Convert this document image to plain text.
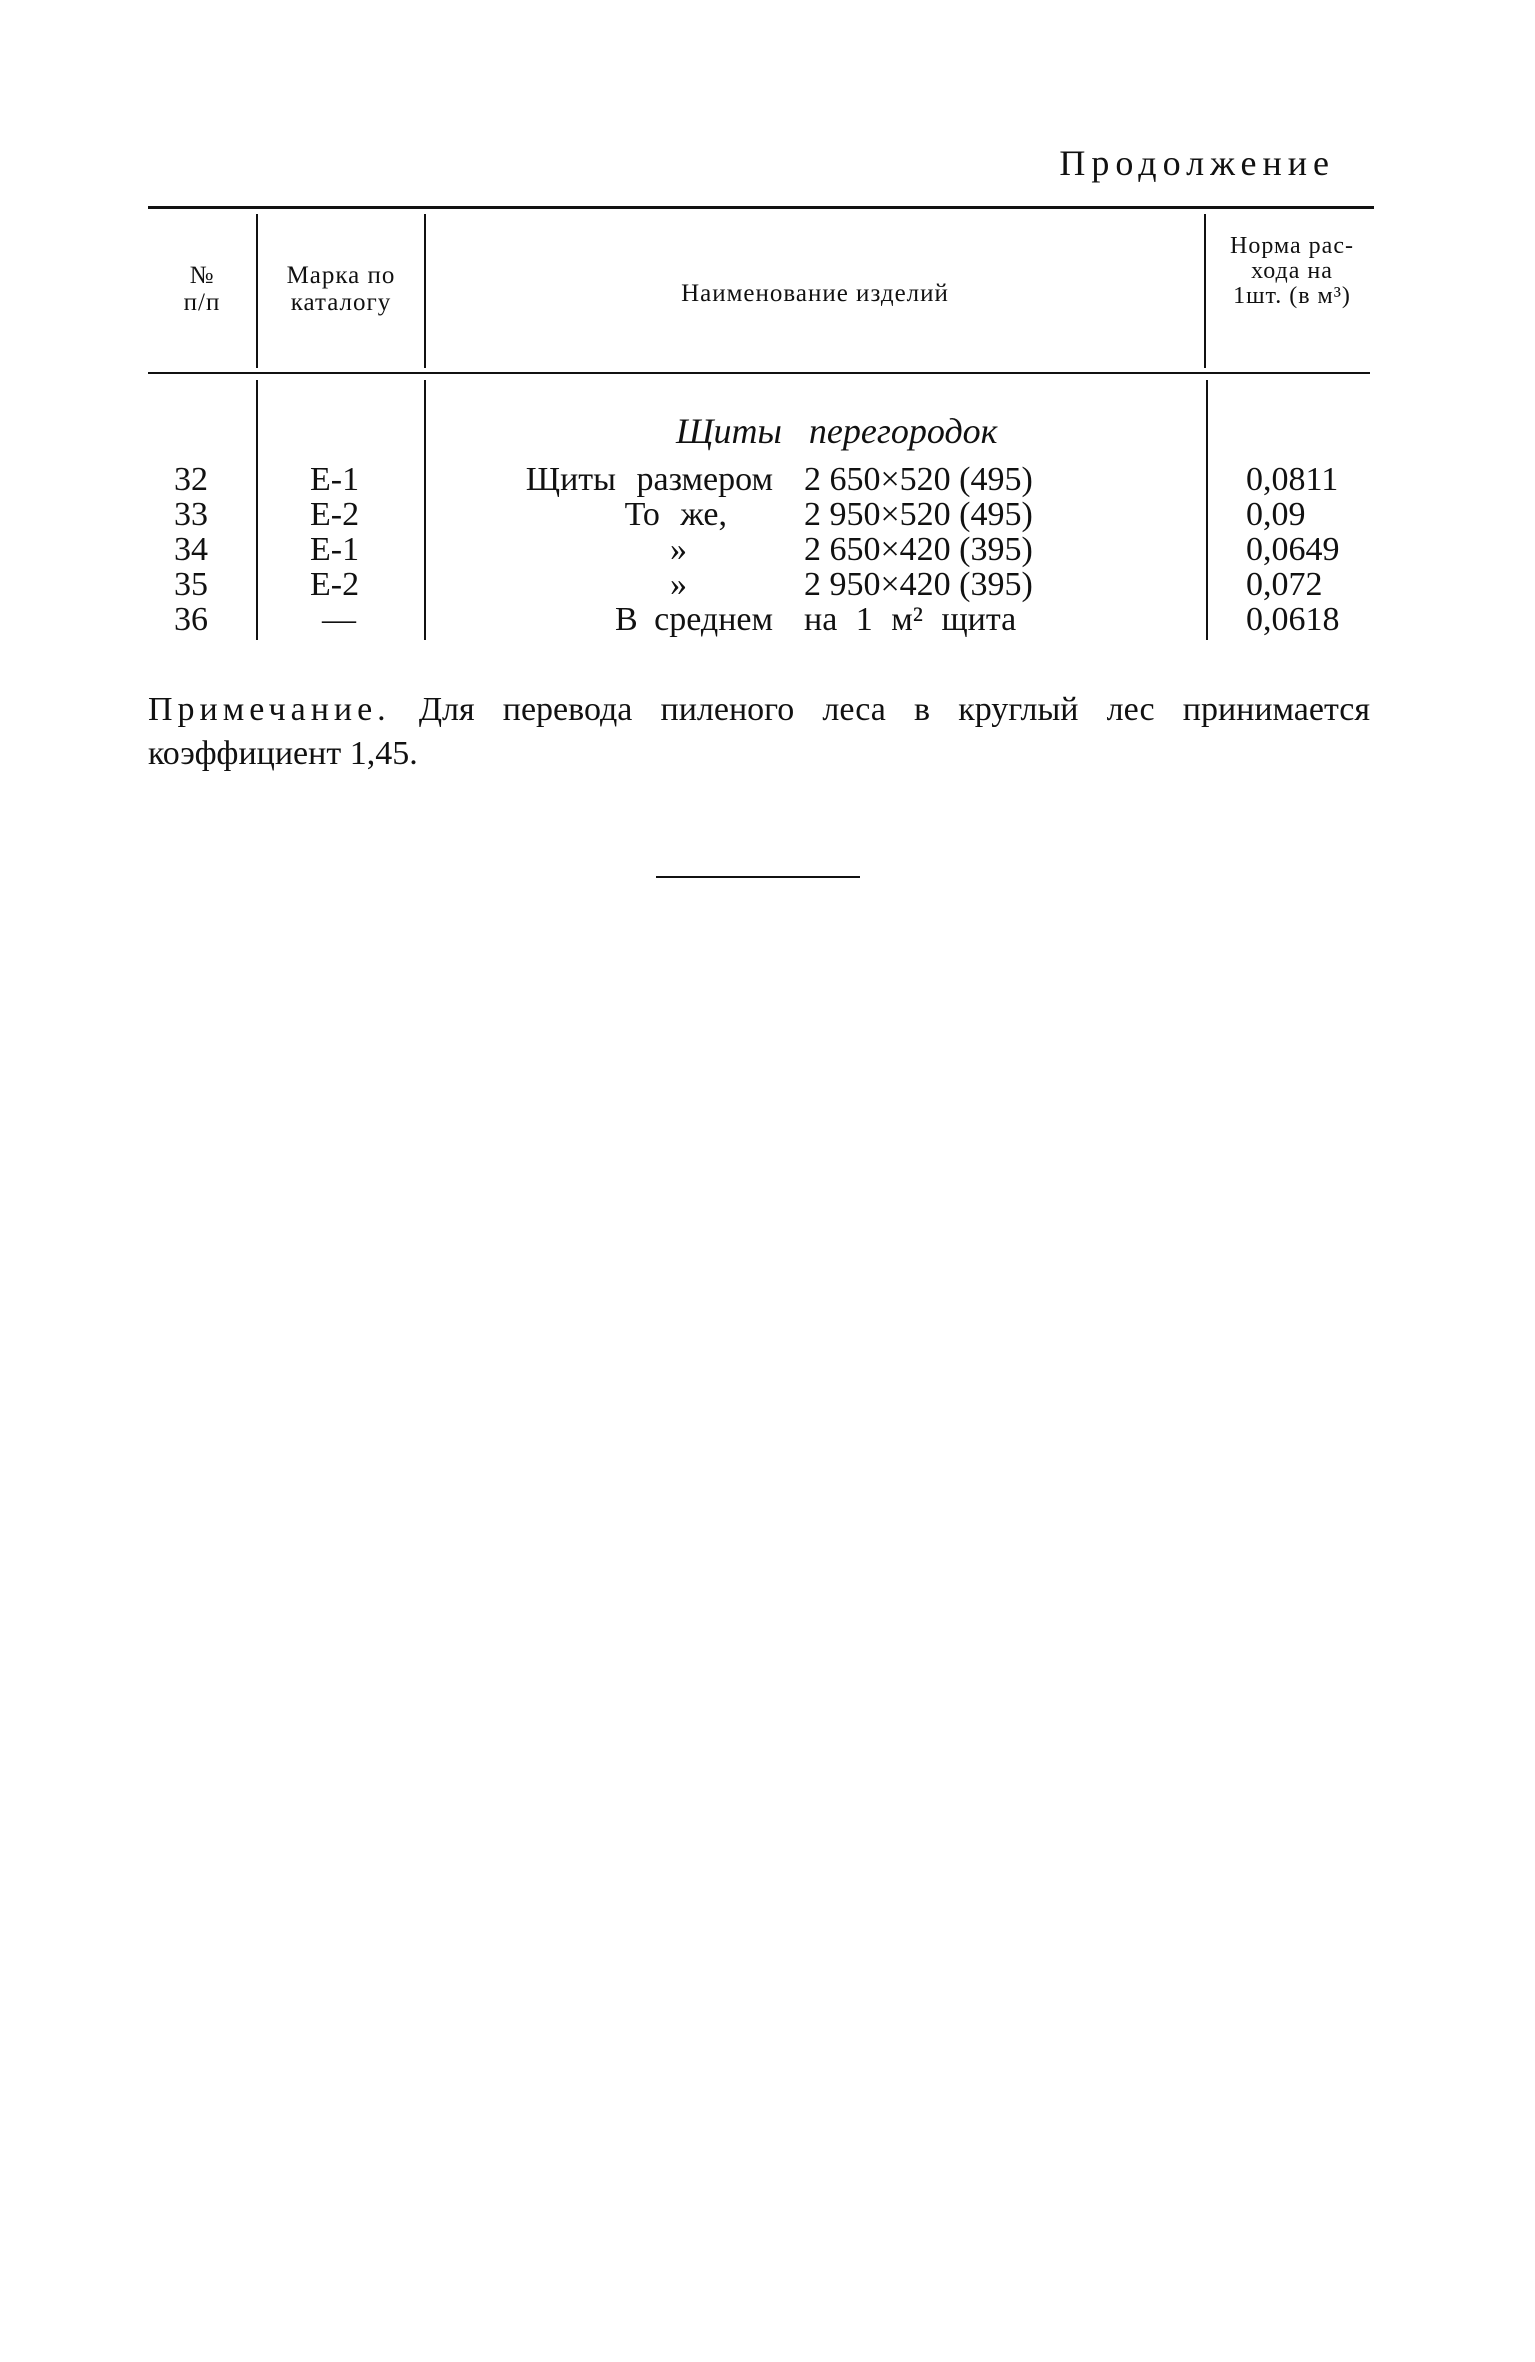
Продолжение
№
п/п
Марка по
каталогу	Наименование изделий
Норма рас-
хода на
1шт. (в м³)
Щиты перегородок
32
33
34
35
36
Е-1
Е-2
Е-1
Е-2
—
Щиты размером
То же,
»
»
В среднем
2 650×520 (495)
2 950×520 (495)
2 650×420 (395)
2 950×420 (395)
на 1 м² щита
0,0811
0,09
0,0649
0,072
0,0618
Примечание. Для перевода пиленого леса в круглый лес принимается коэффициент 1,45.
